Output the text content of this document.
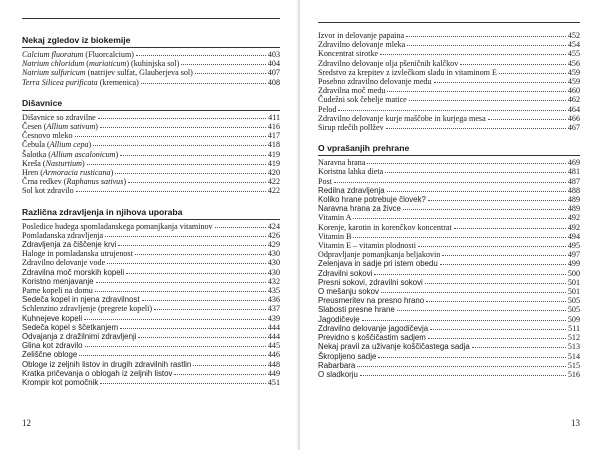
Nekaj zgledov iz biokemije
Calcium fluoratum (Fluorcalcium)	403
Natrium chloridum (muriaticum) (kuhinjska sol)	404
Natrium sulfuricum (natrijev sulfat, Glauberjeva sol)	407
Terra Silicea purificata (kremenica)	408
Dišavnice
Dišavnice so zdravilne	411
Česen (Allium sativum)	416
Česnovo mleko	417
Čebula (Allium cepa)	418
Šalotka (Allium ascalonicum)	419
Kreša (Nasturtium)	419
Hren (Armoracia rusticana)	420
Črna redkev (Raphanus sativus)	422
Sol kot zdravilo	422
Različna zdravljenja in njihova uporaba
Posledice hudega spomladanskega pomanjkanja vitaminov	424
Pomladanska zdravljenja	426
Zdravljenja za čiščenje krvi	429
Haloge in pomladanska utrujenost	430
Zdravilno delovanje vode	430
Zdravilna moč morskih kopeli	430
Koristno menjavanje	432
Parne kopeli na domu	435
Sedeča kopel in njena zdravilnost	436
Schlenzino zdravljenje (pregrete kopeli)	437
Kuhnejeve kopeli	439
Sedeča kopel s ščetkanjem	444
Odvajanja z dražilnimi zdravljenji	444
Glina kot zdravilo	445
Zeliščne obloge	446
Obloge iz zeljnih listov in drugih zdravilnih rastlin	448
Kratka pričevanja o oblogah iz zeljnih listov	449
Krompir kot pomočnik	451
12
Izvor in delovanje papaina	452
Zdravilno delovanje mleka	454
Koncentrat sirotke	455
Zdravilno delovanje olja pšeničnih kalčkov	456
Sredstvo za krepitev z izvlečkom sladu in vitaminom E	459
Posebno zdravilno delovanje medu	459
Zdravilna moč medu	460
Čudežni sok čebelje matice	462
Pelod	464
Zdravilno delovanje kurje maščobe in kurjega mesa	466
Sirup rdečih pollžev	467
O vprašanjih prehrane
Naravna hrana	469
Koristna lahka dieta	481
Post	487
Redilna zdravljenja	488
Koliko hrane potrebuje človek?	489
Naravna hrana za živce	489
Vitamin A	492
Korenje, karotin in korenčkov koncentrat	492
Vitamin B	494
Vitamin E – vitamin plodnosti	495
Odpravljanje pomanjkanja beljakovin	497
Zelenjava in sadje pri istem obedu	499
Zdravilni sokovi	500
Presni sokovi, zdravilni sokovi	501
O mešanju sokov	501
Preusmeritev na presno hrano	505
Slabosti presne hrane	505
Jagodičevje	509
Zdravilno delovanje jagodičevja	511
Previdno s koščičastim sadjem	512
Nekaj pravil za uživanje koščičastega sadja	513
Škropljeno sadje	514
Rabarbara	515
O sladkorju	516
13
